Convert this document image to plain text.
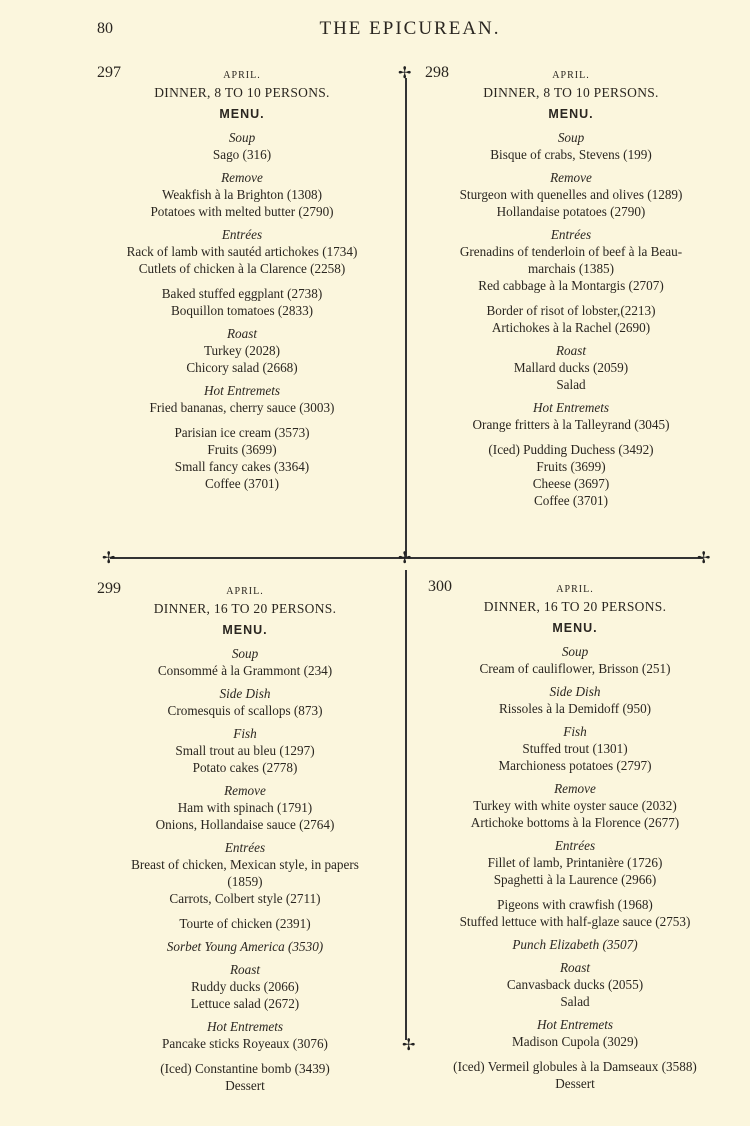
80	THE EPICUREAN.
✢
✢	✢	✢
✢
297	APRIL.
DINNER, 8 TO 10 PERSONS.
MENU.
Soup
Sago (316)
Remove
Weakfish à la Brighton (1308)
Potatoes with melted butter (2790)
Entrées
Rack of lamb with sautéd artichokes (1734)
Cutlets of chicken à la Clarence (2258)
Baked stuffed eggplant (2738)
Boquillon tomatoes (2833)
Roast
Turkey (2028)
Chicory salad (2668)
Hot Entremets
Fried bananas, cherry sauce (3003)
Parisian ice cream (3573)
Fruits (3699)
Small fancy cakes (3364)
Coffee (3701)
298	APRIL.
DINNER, 8 TO 10 PERSONS.
MENU.
Soup
Bisque of crabs, Stevens (199)
Remove
Sturgeon with quenelles and olives (1289)
Hollandaise potatoes (2790)
Entrées
Grenadins of tenderloin of beef à la Beau-
marchais (1385)
Red cabbage à la Montargis (2707)
Border of risot of lobster,(2213)
Artichokes à la Rachel (2690)
Roast
Mallard ducks (2059)
Salad
Hot Entremets
Orange fritters à la Talleyrand (3045)
(Iced) Pudding Duchess (3492)
Fruits (3699)
Cheese (3697)
Coffee (3701)
299	APRIL.
DINNER, 16 TO 20 PERSONS.
MENU.
Soup
Consommé à la Grammont (234)
Side Dish
Cromesquis of scallops (873)
Fish
Small trout au bleu (1297)
Potato cakes (2778)
Remove
Ham with spinach (1791)
Onions, Hollandaise sauce (2764)
Entrées
Breast of chicken, Mexican style, in papers
(1859)
Carrots, Colbert style (2711)
Tourte of chicken (2391)
Sorbet Young America (3530)
Roast
Ruddy ducks (2066)
Lettuce salad (2672)
Hot Entremets
Pancake sticks Royeaux (3076)
(Iced) Constantine bomb (3439)
Dessert
300	APRIL.
DINNER, 16 TO 20 PERSONS.
MENU.
Soup
Cream of cauliflower, Brisson (251)
Side Dish
Rissoles à la Demidoff (950)
Fish
Stuffed trout (1301)
Marchioness potatoes (2797)
Remove
Turkey with white oyster sauce (2032)
Artichoke bottoms à la Florence (2677)
Entrées
Fillet of lamb, Printanière (1726)
Spaghetti à la Laurence (2966)
Pigeons with crawfish (1968)
Stuffed lettuce with half-glaze sauce (2753)
Punch Elizabeth (3507)
Roast
Canvasback ducks (2055)
Salad
Hot Entremets
Madison Cupola (3029)
(Iced) Vermeil globules à la Damseaux (3588)
Dessert
